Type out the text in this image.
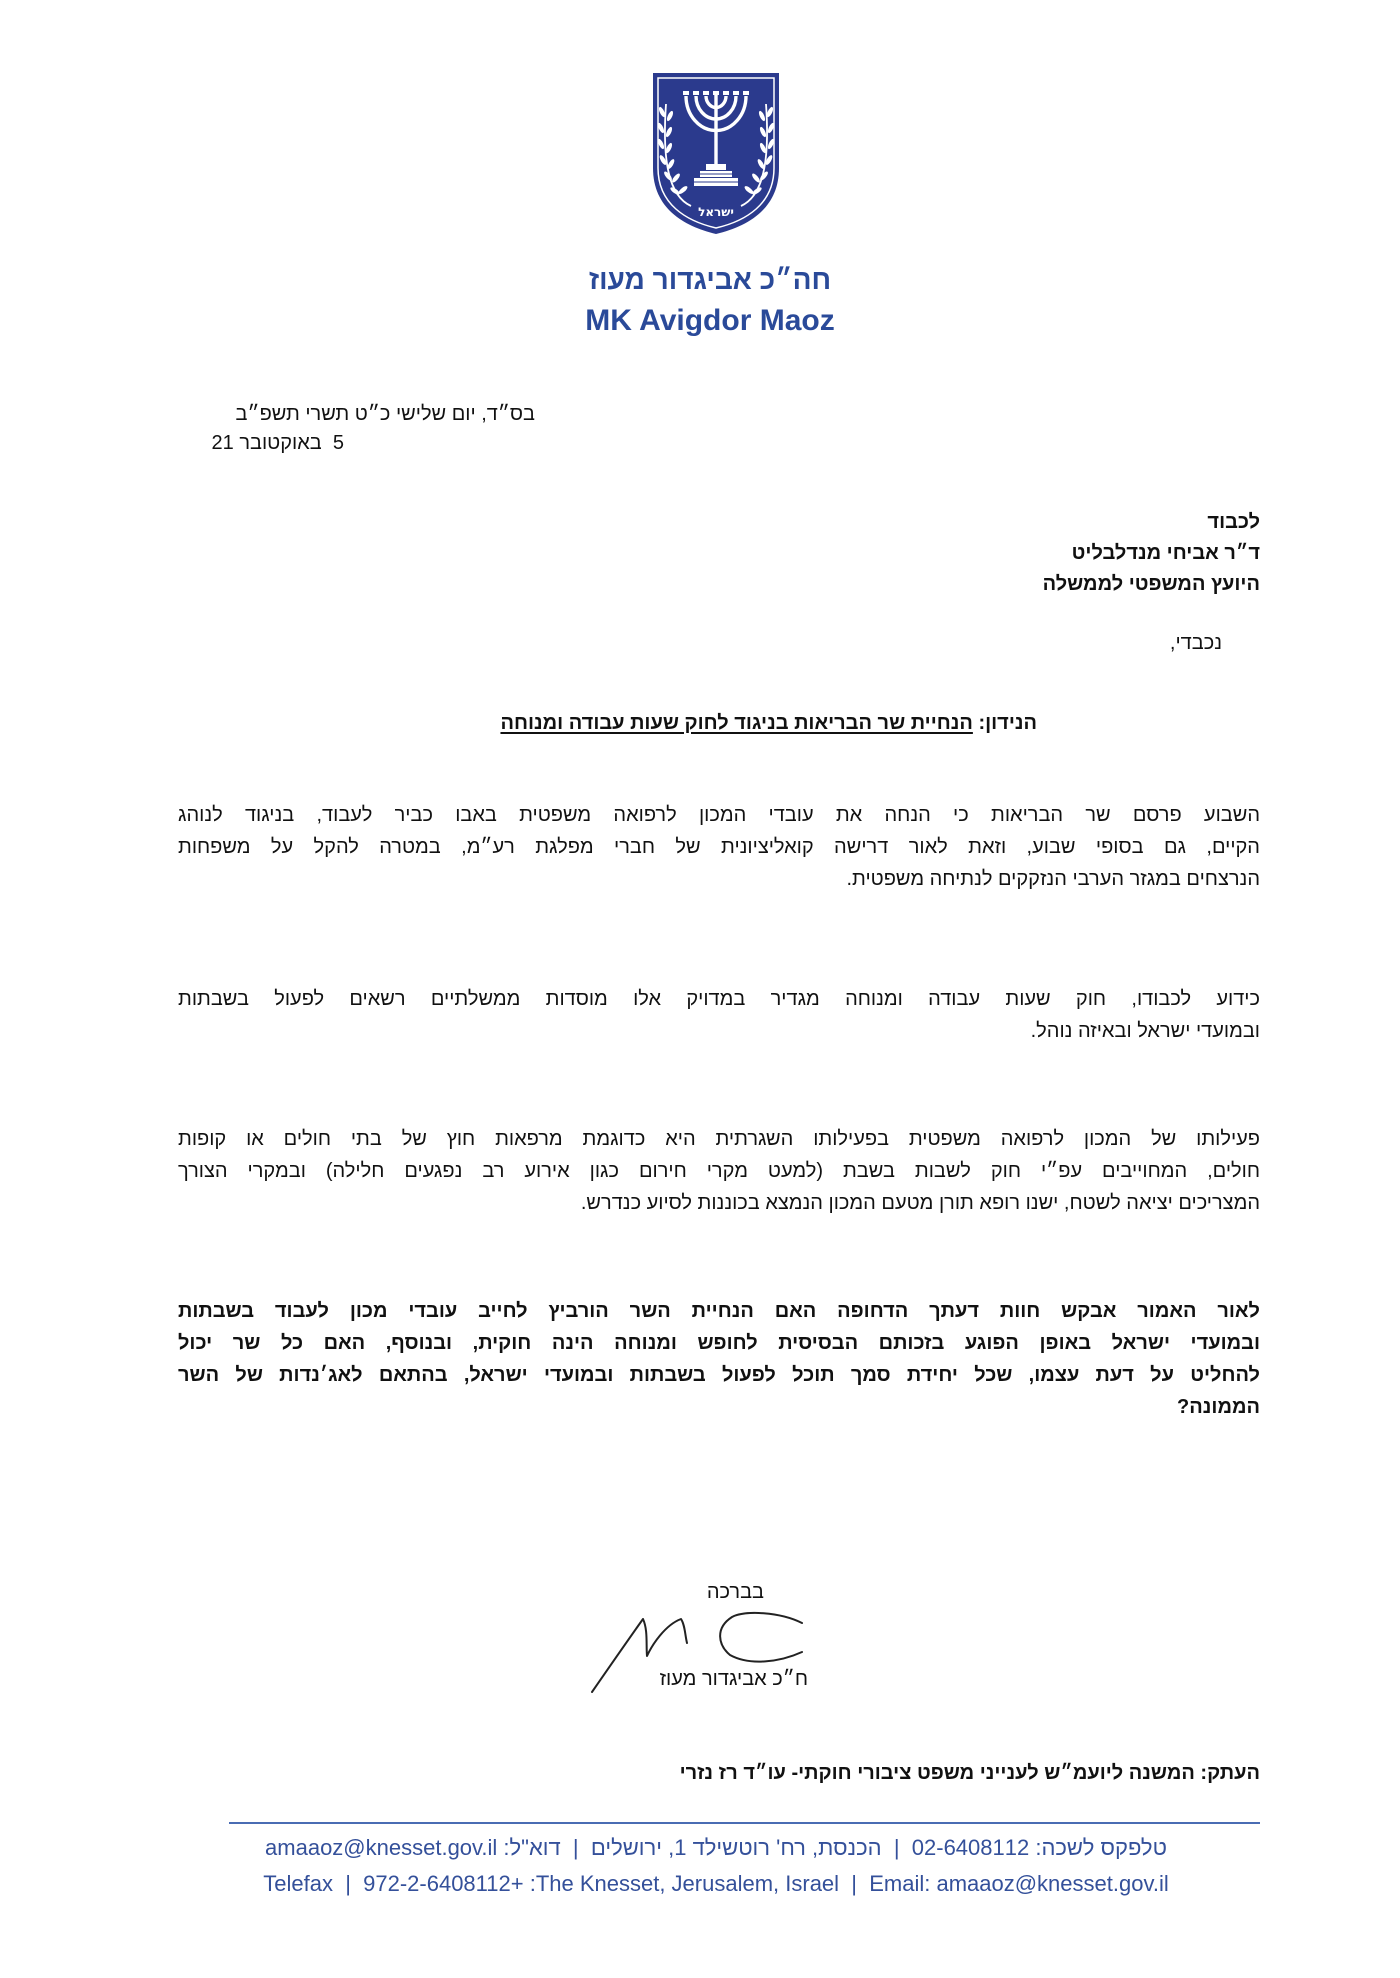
ישראל
חה״כ אביגדור מעוז
MK Avigdor Maoz
בס״ד, יום שלישי כ״ט תשרי תשפ״ב
5  באוקטובר 21
לכבוד
ד״ר אביחי מנדלבליט
היועץ המשפטי לממשלה
נכבדי,
הנידון: הנחיית שר הבריאות בניגוד לחוק שעות עבודה ומנוחה
השבוע פרסם שר הבריאות כי הנחה את עובדי המכון לרפואה משפטית באבו כביר לעבוד, בניגוד לנוהג
הקיים, גם בסופי שבוע, וזאת לאור דרישה קואליציונית של חברי מפלגת רע״מ, במטרה להקל על משפחות
הנרצחים במגזר הערבי הנזקקים לנתיחה משפטית.
כידוע לכבודו, חוק שעות עבודה ומנוחה מגדיר במדויק אלו מוסדות ממשלתיים רשאים לפעול בשבתות
ובמועדי ישראל ובאיזה נוהל.
פעילותו של המכון לרפואה משפטית בפעילותו השגרתית היא כדוגמת מרפאות חוץ של בתי חולים או קופות
חולים, המחוייבים עפ״י חוק לשבות בשבת (למעט מקרי חירום כגון אירוע רב נפגעים חלילה) ובמקרי הצורך
המצריכים יציאה לשטח, ישנו רופא תורן מטעם המכון הנמצא בכוננות לסיוע כנדרש.
לאור האמור אבקש חוות דעתך הדחופה האם הנחיית השר הורביץ לחייב עובדי מכון לעבוד בשבתות
ובמועדי ישראל באופן הפוגע בזכותם הבסיסית לחופש ומנוחה הינה חוקית, ובנוסף, האם כל שר יכול
להחליט על דעת עצמו, שכל יחידת סמך תוכל לפעול בשבתות ובמועדי ישראל, בהתאם לאג׳נדות של השר
הממונה?
בברכה
ח״כ אביגדור מעוז
העתק: המשנה ליועמ״ש לענייני משפט ציבורי חוקתי- עו״ד רז נזרי
טלפקס לשכה: 02-6408112  |  הכנסת, רח' רוטשילד 1, ירושלים  |  דוא"ל: amaaoz@knesset.gov.il
Telefax  |  972-2-6408112+ :The Knesset, Jerusalem, Israel  |  Email: amaaoz@knesset.gov.il
